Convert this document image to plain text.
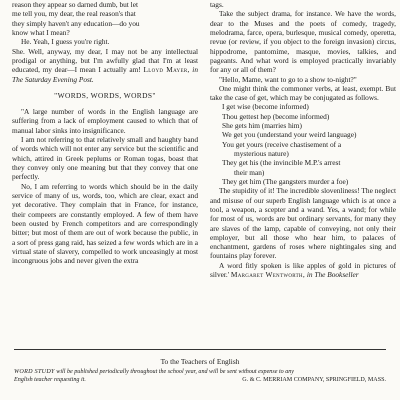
reason they appear so darned dumb, but let

me tell you, my dear, the real reason's that

they simply haven't any education—do you

know what I mean?

He. Yeah, I guess you're right.

She. Well, anyway, my dear, I may not be any intellectual prodigal or anything, but I'm awfully glad that I'm at least educated, my dear—I mean I actually am! Lloyd Mayer, in The Saturday Evening Post.

"WORDS, WORDS, WORDS"

"A large number of words in the English language are suffering from a lack of employment caused to which that of manual labor sinks into insignificance.

I am not referring to that relatively small and haughty band of words which will not enter any service but the scientific and which, attired in Greek peplums or Roman togas, boast that they convey only one meaning but that they convey that one perfectly.

No, I am referring to words which should be in the daily service of many of us, words, too, which are clear, exact and yet decorative. They complain that in France, for instance, their compeers are constantly employed. A few of them have been ousted by French competitors and are correspondingly bitter; but most of them are out of work because the public, in a sort of press gang raid, has seized a few words which are in a virtual state of slavery, compelled to work unceasingly at most incongruous jobs and never given the extra

tags.

Take the subject drama, for instance. We have the words, dear to the Muses and the poets of comedy, tragedy, melodrama, farce, opera, burlesque, musical comedy, operetta, revue (or review, if you object to the foreign invasion) circus, hippodrome, pantomime, masque, movies, talkies, and pageants. And what word is employed practically invariably for any or all of them?

"Hello, Mame, want to go to a show to-night?"

One might think the commoner verbs, at least, exempt. But take the case of get, which may be conjugated as follows.

I get wise (become informed)
Thou gettest hep (become informed)
She gets him (marries him)
We get you (understand your weird language)
You get yours (receive chastisement of a
mysterious nature)
They get his (the invincible M.P.'s arrest
their man)
They get him (The gangsters murder a foe)

The stupidity of it! The incredible slovenliness! The neglect and misuse of our superb English language which is at once a tool, a weapon, a scepter and a wand. Yes, a wand; for while for most of us, words are but ordinary servants, for many they are slaves of the lamp, capable of conveying, not only their employer, but all those who hear him, to palaces of enchantment, gardens of roses where nightingales sing and fountains play forever.

A word fitly spoken is like apples of gold in pictures of silver.' Margaret Wentworth, in The Bookseller

To the Teachers of English
WORD STUDY will be published periodically throughout the school year, and will be sent without expense to any
English teacher requesting it.	G. & C. MERRIAM COMPANY, SPRINGFIELD, MASS.
